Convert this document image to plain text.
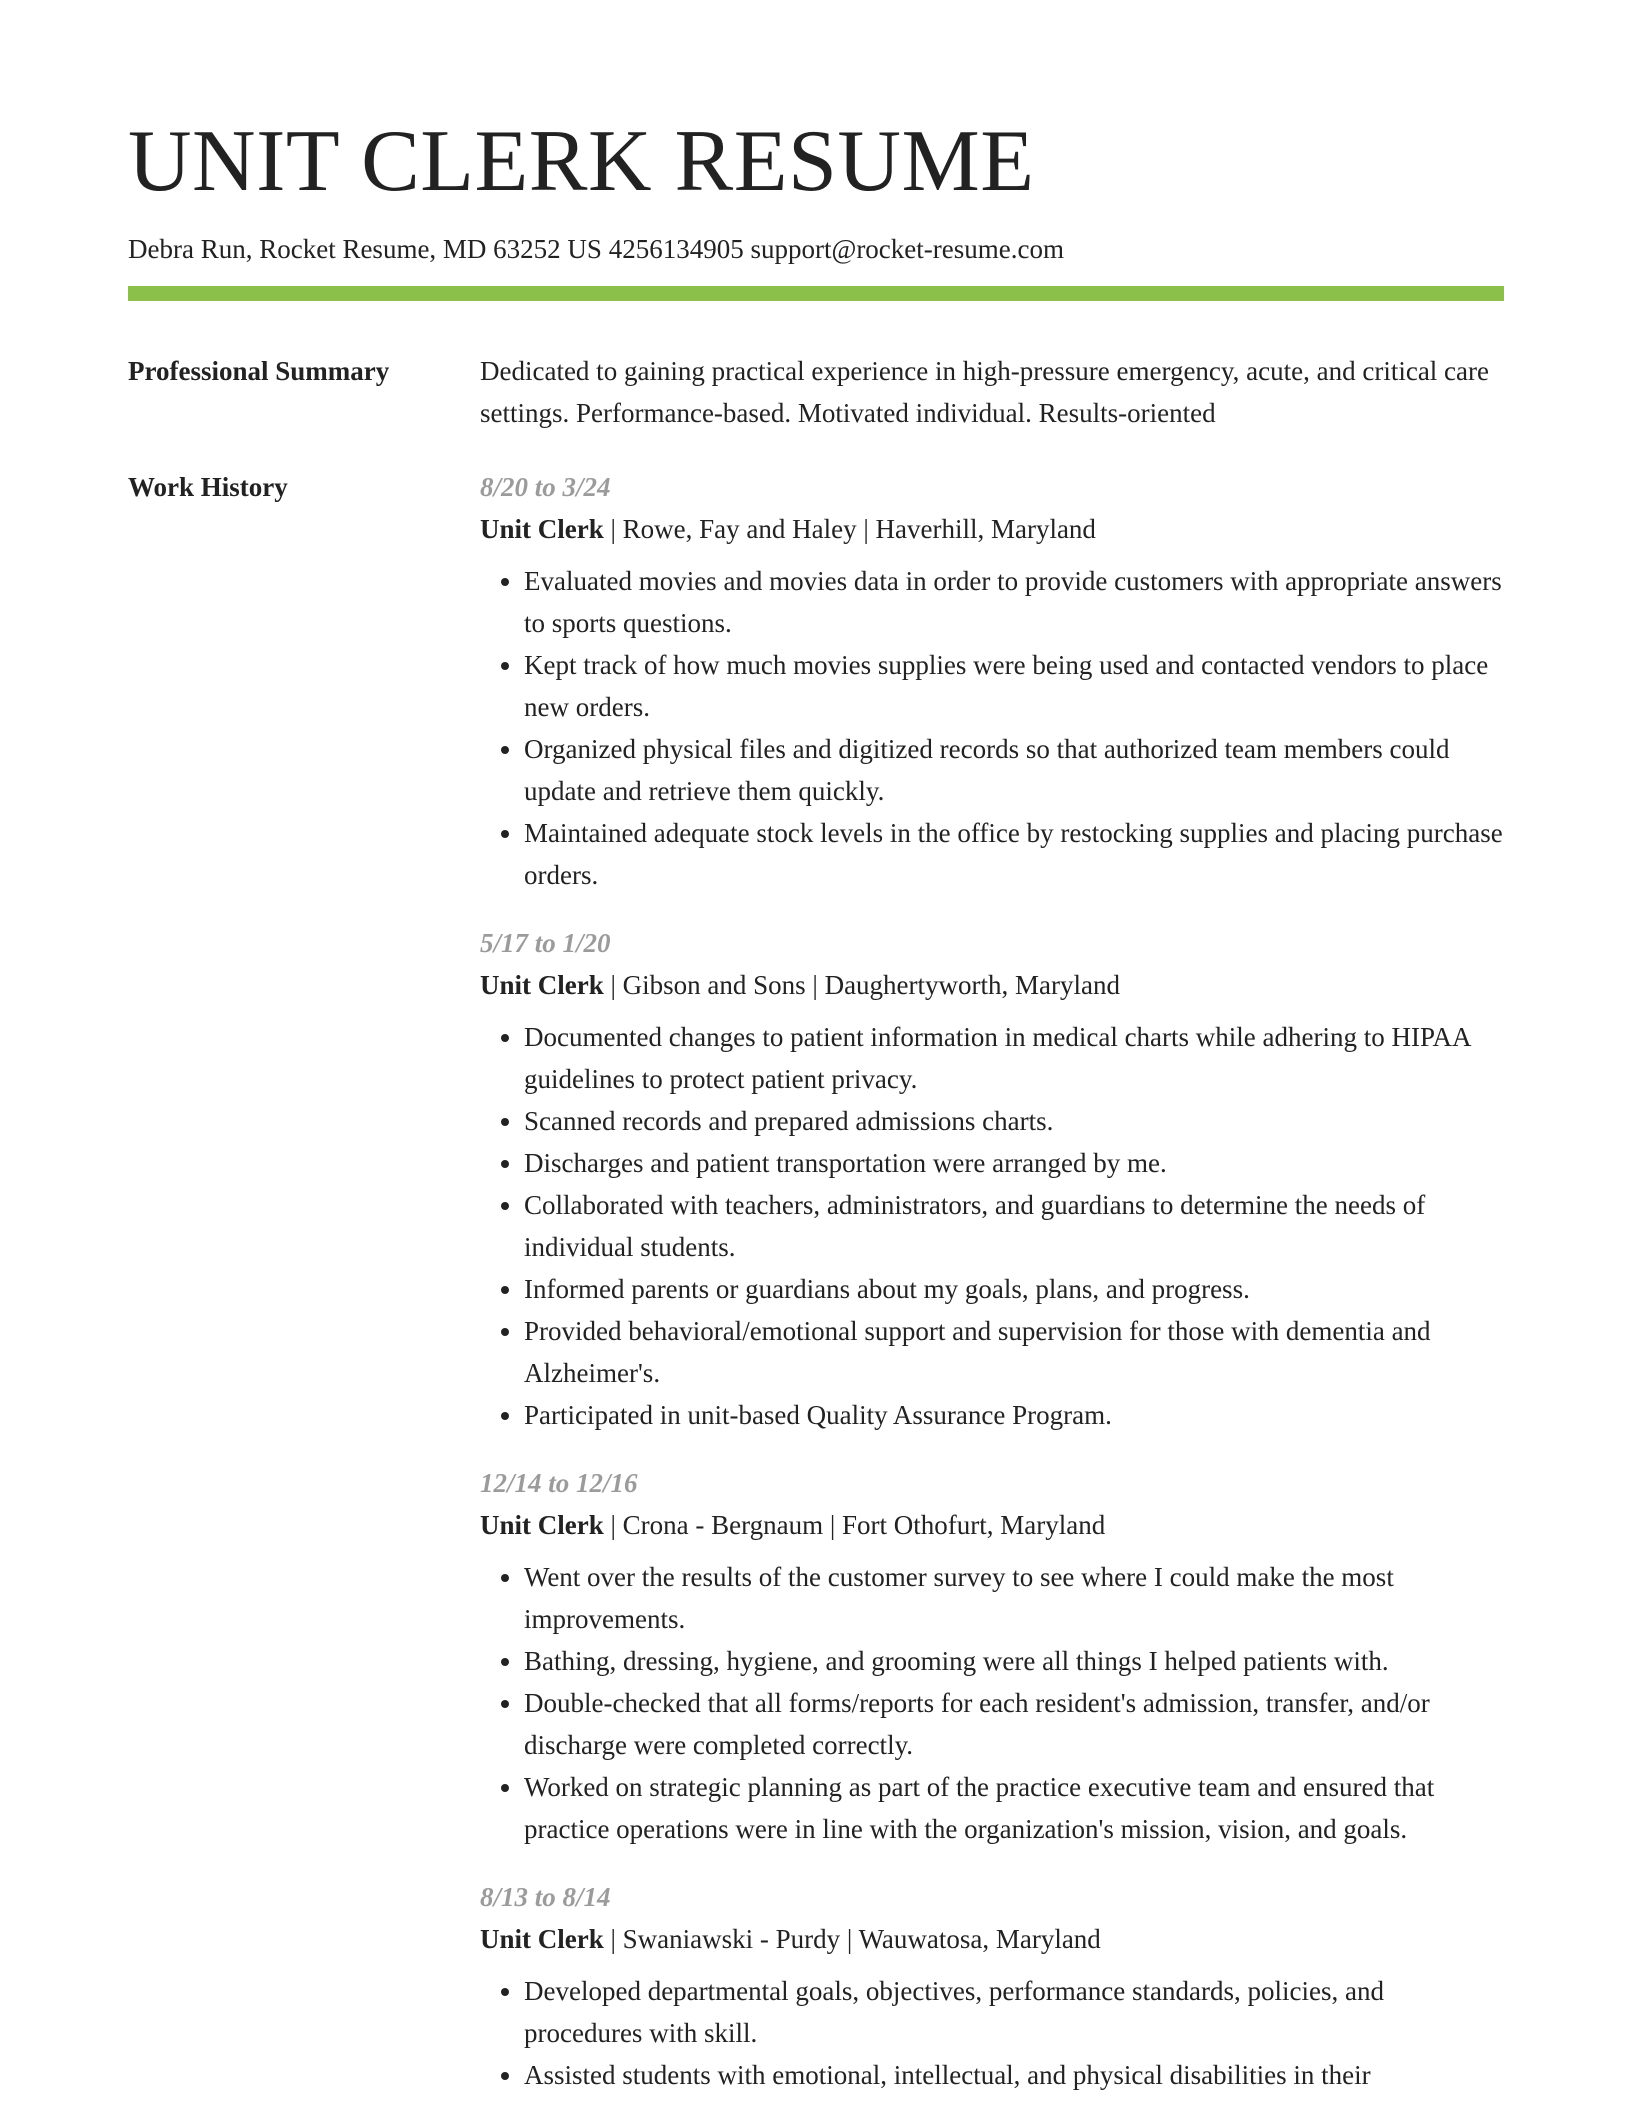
UNIT CLERK RESUME
Debra Run, Rocket Resume, MD 63252 US 4256134905 support@rocket-resume.com
Professional Summary	Dedicated to gaining practical experience in high-pressure emergency, acute, and critical care settings. Performance-based. Motivated individual. Results-oriented

Work History	8/20 to 3/24
Unit Clerk | Rowe, Fay and Haley | Haverhill, Maryland
• Evaluated movies and movies data in order to provide customers with appropriate answers to sports questions.
• Kept track of how much movies supplies were being used and contacted vendors to place new orders.
• Organized physical files and digitized records so that authorized team members could update and retrieve them quickly.
• Maintained adequate stock levels in the office by restocking supplies and placing purchase orders.
5/17 to 1/20
Unit Clerk | Gibson and Sons | Daughertyworth, Maryland
• Documented changes to patient information in medical charts while adhering to HIPAA guidelines to protect patient privacy.
• Scanned records and prepared admissions charts.
• Discharges and patient transportation were arranged by me.
• Collaborated with teachers, administrators, and guardians to determine the needs of individual students.
• Informed parents or guardians about my goals, plans, and progress.
• Provided behavioral/emotional support and supervision for those with dementia and Alzheimer's.
• Participated in unit-based Quality Assurance Program.
12/14 to 12/16
Unit Clerk | Crona - Bergnaum | Fort Othofurt, Maryland
• Went over the results of the customer survey to see where I could make the most improvements.
• Bathing, dressing, hygiene, and grooming were all things I helped patients with.
• Double-checked that all forms/reports for each resident's admission, transfer, and/or discharge were completed correctly.
• Worked on strategic planning as part of the practice executive team and ensured that practice operations were in line with the organization's mission, vision, and goals.
8/13 to 8/14
Unit Clerk | Swaniawski - Purdy | Wauwatosa, Maryland
• Developed departmental goals, objectives, performance standards, policies, and procedures with skill.
• Assisted students with emotional, intellectual, and physical disabilities in their
